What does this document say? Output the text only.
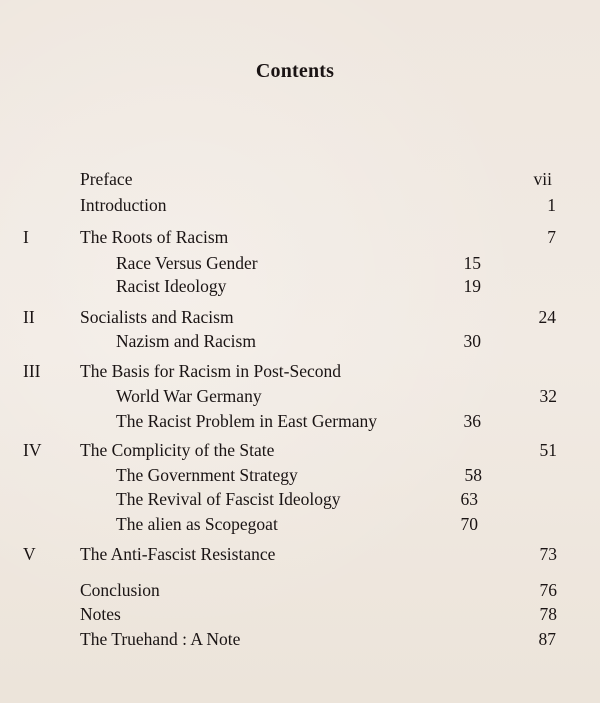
Contents
Preface	vii
Introduction	1
I	The Roots of Racism	7
Race Versus Gender	15
Racist Ideology	19
II	Socialists and Racism	24
Nazism and Racism	30
III The Basis for Racism in Post-Second
World War Germany	32
The Racist Problem in East Germany	36
IV The Complicity of the State	51
The Government Strategy	58
The Revival of Fascist Ideology	63
The alien as Scopegoat	70
V	The Anti-Fascist Resistance	73
Conclusion	76
Notes	78
The Truehand : A Note	87
